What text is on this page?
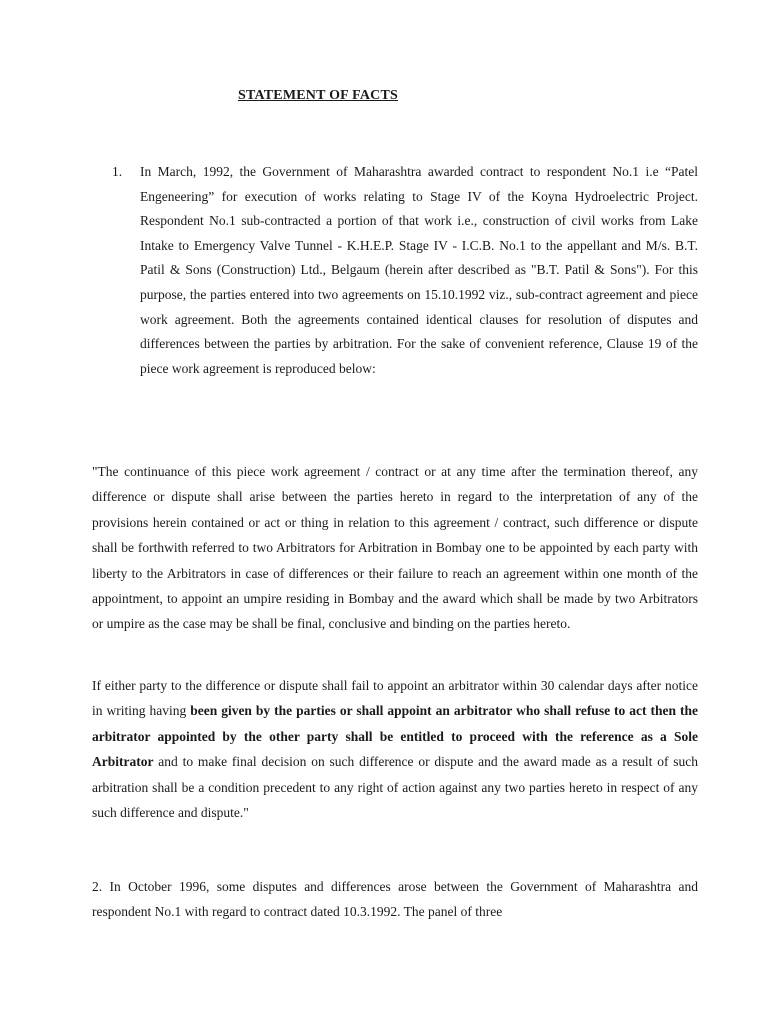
STATEMENT OF FACTS
1.	In March, 1992, the Government of Maharashtra awarded contract to respondent No.1 i.e “Patel Engeneering” for execution of works relating to Stage IV of the Koyna Hydroelectric Project. Respondent No.1 sub-contracted a portion of that work i.e., construction of civil works from Lake Intake to Emergency Valve Tunnel - K.H.E.P. Stage IV - I.C.B. No.1 to the appellant and M/s. B.T. Patil & Sons (Construction) Ltd., Belgaum (herein after described as "B.T. Patil & Sons"). For this purpose, the parties entered into two agreements on 15.10.1992 viz., sub-contract agreement and piece work agreement. Both the agreements contained identical clauses for resolution of disputes and differences between the parties by arbitration. For the sake of convenient reference, Clause 19 of the piece work agreement is reproduced below:

"The continuance of this piece work agreement / contract or at any time after the termination thereof, any difference or dispute shall arise between the parties hereto in regard to the interpretation of any of the provisions herein contained or act or thing in relation to this agreement / contract, such difference or dispute shall be forthwith referred to two Arbitrators for Arbitration in Bombay one to be appointed by each party with liberty to the Arbitrators in case of differences or their failure to reach an agreement within one month of the appointment, to appoint an umpire residing in Bombay and the award which shall be made by two Arbitrators or umpire as the case may be shall be final, conclusive and binding on the parties hereto.

If either party to the difference or dispute shall fail to appoint an arbitrator within 30 calendar days after notice in writing having been given by the parties or shall appoint an arbitrator who shall refuse to act then the arbitrator appointed by the other party shall be entitled to proceed with the reference as a Sole Arbitrator and to make final decision on such difference or dispute and the award made as a result of such arbitration shall be a condition precedent to any right of action against any two parties hereto in respect of any such difference and dispute."

2. In October 1996, some disputes and differences arose between the Government of Maharashtra and respondent No.1 with regard to contract dated 10.3.1992. The panel of three
